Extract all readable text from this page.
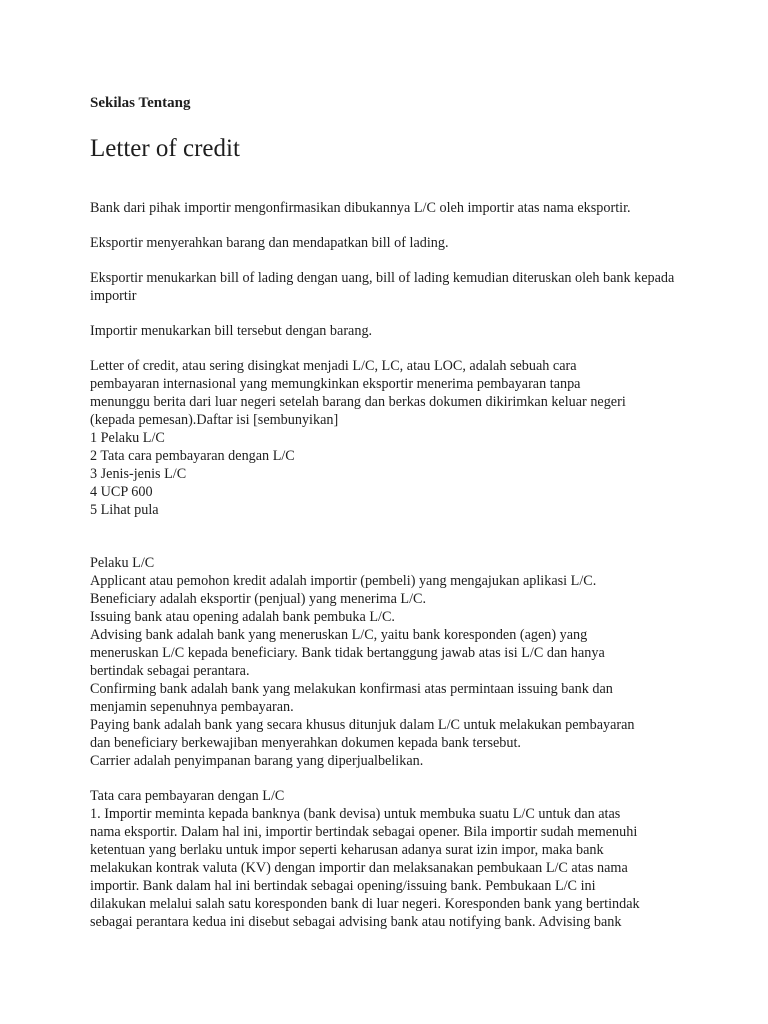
Sekilas Tentang
Letter of credit

Bank dari pihak importir mengonfirmasikan dibukannya L/C oleh importir atas nama eksportir.

Eksportir menyerahkan barang dan mendapatkan bill of lading.

Eksportir menukarkan bill of lading dengan uang, bill of lading kemudian diteruskan oleh bank kepada importir

Importir menukarkan bill tersebut dengan barang.

Letter of credit, atau sering disingkat menjadi L/C, LC, atau LOC, adalah sebuah cara
pembayaran internasional yang memungkinkan eksportir menerima pembayaran tanpa
menunggu berita dari luar negeri setelah barang dan berkas dokumen dikirimkan keluar negeri
(kepada pemesan).Daftar isi [sembunyikan]
1 Pelaku L/C
2 Tata cara pembayaran dengan L/C
3 Jenis-jenis L/C
4 UCP 600
5 Lihat pula
Pelaku L/C
Applicant atau pemohon kredit adalah importir (pembeli) yang mengajukan aplikasi L/C.
Beneficiary adalah eksportir (penjual) yang menerima L/C.
Issuing bank atau opening adalah bank pembuka L/C.
Advising bank adalah bank yang meneruskan L/C, yaitu bank koresponden (agen) yang
meneruskan L/C kepada beneficiary. Bank tidak bertanggung jawab atas isi L/C dan hanya
bertindak sebagai perantara.
Confirming bank adalah bank yang melakukan konfirmasi atas permintaan issuing bank dan
menjamin sepenuhnya pembayaran.
Paying bank adalah bank yang secara khusus ditunjuk dalam L/C untuk melakukan pembayaran
dan beneficiary berkewajiban menyerahkan dokumen kepada bank tersebut.
Carrier adalah penyimpanan barang yang diperjualbelikan.
Tata cara pembayaran dengan L/C
1. Importir meminta kepada banknya (bank devisa) untuk membuka suatu L/C untuk dan atas
nama eksportir. Dalam hal ini, importir bertindak sebagai opener. Bila importir sudah memenuhi
ketentuan yang berlaku untuk impor seperti keharusan adanya surat izin impor, maka bank
melakukan kontrak valuta (KV) dengan importir dan melaksanakan pembukaan L/C atas nama
importir. Bank dalam hal ini bertindak sebagai opening/issuing bank. Pembukaan L/C ini
dilakukan melalui salah satu koresponden bank di luar negeri. Koresponden bank yang bertindak
sebagai perantara kedua ini disebut sebagai advising bank atau notifying bank. Advising bank
